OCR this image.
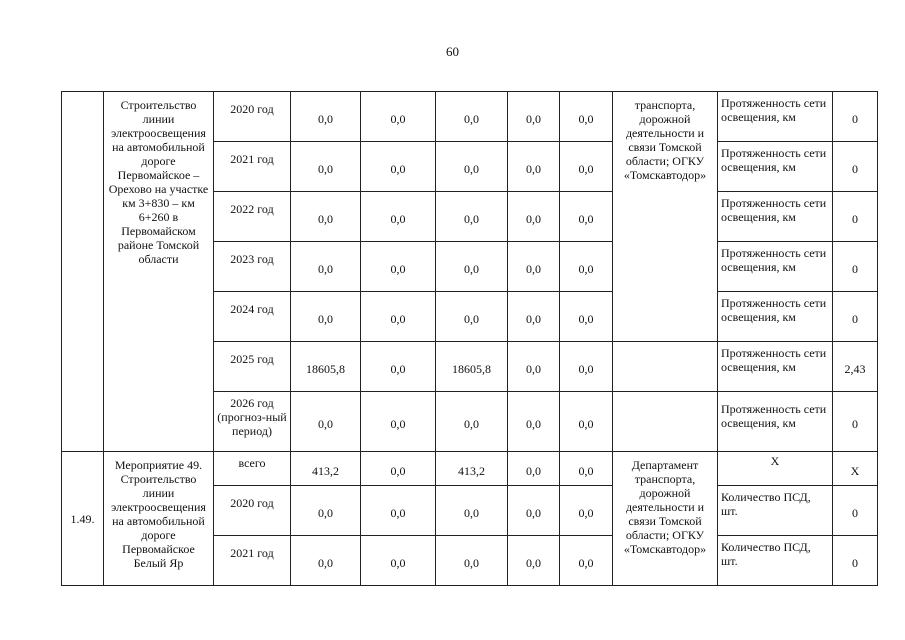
60
	Строительство линии электроосвещения на автомобильной дороге Первомайское – Орехово на участке км 3+830 – км 6+260 в Первомайском районе Томской области	2020 год	0,0	0,0	0,0	0,0	0,0	транспорта, дорожной деятельности и связи Томской области; ОГКУ «Томскавтодор»	Протяженность сети освещения, км	0
		2021 год	0,0	0,0	0,0	0,0	0,0		Протяженность сети освещения, км	0
		2022 год	0,0	0,0	0,0	0,0	0,0		Протяженность сети освещения, км	0
		2023 год	0,0	0,0	0,0	0,0	0,0		Протяженность сети освещения, км	0
		2024 год	0,0	0,0	0,0	0,0	0,0		Протяженность сети освещения, км	0
		2025 год	18605,8	0,0	18605,8	0,0	0,0		Протяженность сети освещения, км	2,43
		2026 год (прогноз-ный период)	0,0	0,0	0,0	0,0	0,0		Протяженность сети освещения, км	0
1.49.	Мероприятие 49. Строительство линии электроосвещения на автомобильной дороге Первомайское Белый Яр	всего	413,2	0,0	413,2	0,0	0,0	Департамент транспорта, дорожной деятельности и связи Томской области; ОГКУ «Томскавтодор»	Х	Х
		2020 год	0,0	0,0	0,0	0,0	0,0		Количество ПСД, шт.	0
		2021 год	0,0	0,0	0,0	0,0	0,0		Количество ПСД, шт.	0
